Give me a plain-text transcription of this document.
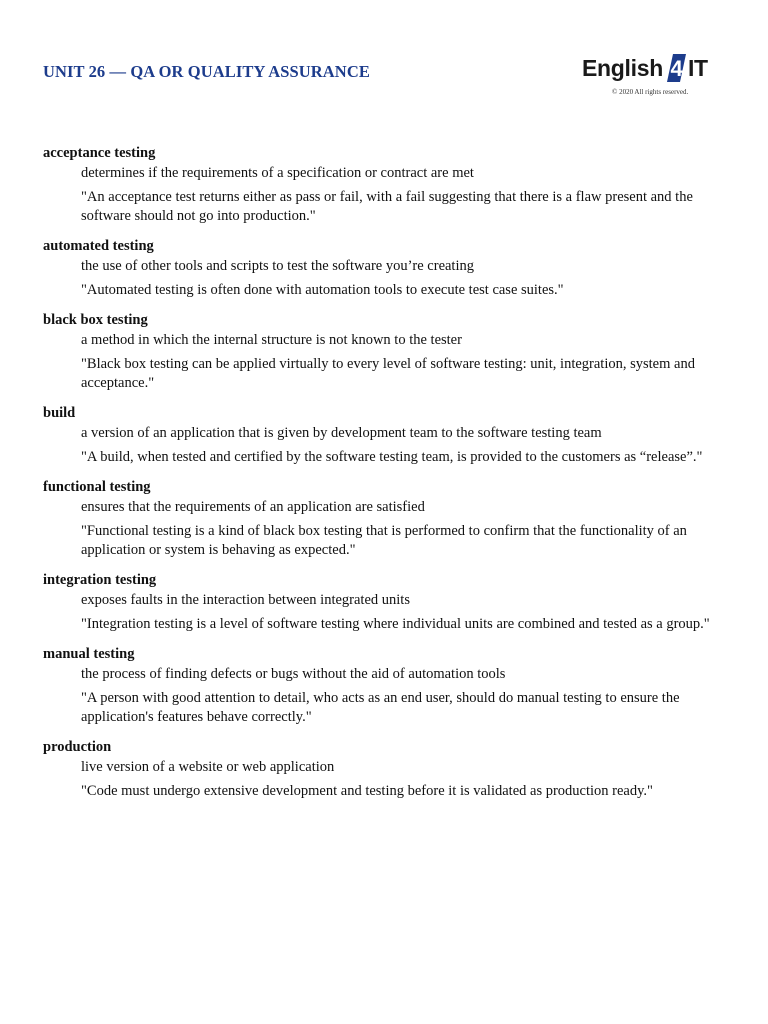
UNIT 26 — QA OR QUALITY ASSURANCE	English 4 IT
© 2020 All rights reserved.
acceptance testing
determines if the requirements of a specification or contract are met
"An acceptance test returns either as pass or fail, with a fail suggesting that there is a flaw present and the software should not go into production."
automated testing
the use of other tools and scripts to test the software you’re creating
"Automated testing is often done with automation tools to execute test case suites."
black box testing
a method in which the internal structure is not known to the tester
"Black box testing can be applied virtually to every level of software testing: unit, integration, system and acceptance."
build
a version of an application that is given by development team to the software testing team
"A build, when tested and certified by the software testing team, is provided to the customers as “release”."
functional testing
ensures that the requirements of an application are satisfied
"Functional testing is a kind of black box testing that is performed to confirm that the functionality of an application or system is behaving as expected."
integration testing
exposes faults in the interaction between integrated units
"Integration testing is a level of software testing where individual units are combined and tested as a group."
manual testing
the process of finding defects or bugs without the aid of automation tools
"A person with good attention to detail, who acts as an end user, should do manual testing to ensure the application's features behave correctly."
production
live version of a website or web application
"Code must undergo extensive development and testing before it is validated as production ready."
